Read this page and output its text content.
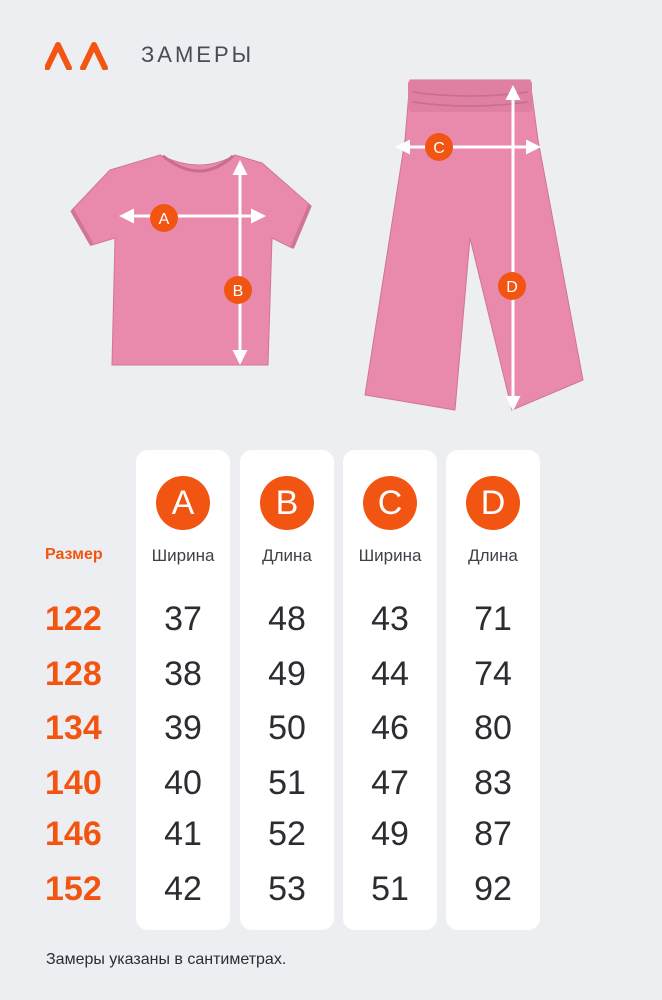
ЗАМЕРЫ
A
B
C
D
Размер
122
128
134
140
146
152
A
Ширина
37
38
39
40
41
42
B
Длина
48
49
50
51
52
53
C
Ширина
43
44
46
47
49
51
D
Длина
71
74
80
83
87
92
Замеры указаны в сантиметрах.
